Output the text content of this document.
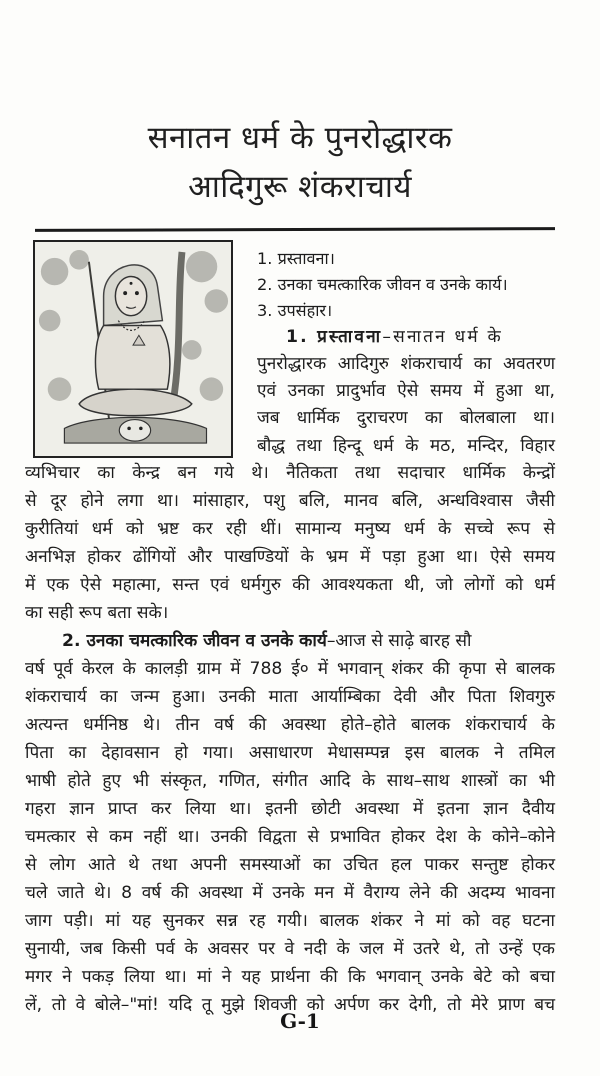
सनातन धर्म के पुनरोद्धारक
आदिगुरू शंकराचार्य
1. प्रस्तावना।
2. उनका चमत्कारिक जीवन व उनके कार्य।
3. उपसंहार।
1. प्रस्तावना–सनातन धर्म के
पुनरोद्धारक आदिगुरु शंकराचार्य का अवतरण
एवं उनका प्रादुर्भाव ऐसे समय में हुआ था,
जब धार्मिक दुराचरण का बोलबाला था।
बौद्ध तथा हिन्दू धर्म के मठ, मन्दिर, विहार
व्यभिचार का केन्द्र बन गये थे। नैतिकता तथा सदाचार धार्मिक केन्द्रों
से दूर होने लगा था। मांसाहार, पशु बलि, मानव बलि, अन्धविश्वास जैसी
कुरीतियां धर्म को भ्रष्ट कर रही थीं। सामान्य मनुष्य धर्म के सच्चे रूप से
अनभिज्ञ होकर ढोंगियों और पाखण्डियों के भ्रम में पड़ा हुआ था। ऐसे समय
में एक ऐसे महात्मा, सन्त एवं धर्मगुरु की आवश्यकता थी, जो लोगों को धर्म
का सही रूप बता सके।
2. उनका चमत्कारिक जीवन व उनके कार्य–आज से साढ़े बारह सौ
वर्ष पूर्व केरल के कालड़ी ग्राम में 788 ई० में भगवान् शंकर की कृपा से बालक
शंकराचार्य का जन्म हुआ। उनकी माता आर्याम्बिका देवी और पिता शिवगुरु
अत्यन्त धर्मनिष्ठ थे। तीन वर्ष की अवस्था होते–होते बालक शंकराचार्य के
पिता का देहावसान हो गया। असाधारण मेधासम्पन्न इस बालक ने तमिल
भाषी होते हुए भी संस्कृत, गणित, संगीत आदि के साथ–साथ शास्त्रों का भी
गहरा ज्ञान प्राप्त कर लिया था। इतनी छोटी अवस्था में इतना ज्ञान दैवीय
चमत्कार से कम नहीं था। उनकी विद्वता से प्रभावित होकर देश के कोने–कोने
से लोग आते थे तथा अपनी समस्याओं का उचित हल पाकर सन्तुष्ट होकर
चले जाते थे। 8 वर्ष की अवस्था में उनके मन में वैराग्य लेने की अदम्य भावना
जाग पड़ी। मां यह सुनकर सन्न रह गयी। बालक शंकर ने मां को वह घटना
सुनायी, जब किसी पर्व के अवसर पर वे नदी के जल में उतरे थे, तो उन्हें एक
मगर ने पकड़ लिया था। मां ने यह प्रार्थना की कि भगवान् उनके बेटे को बचा
लें, तो वे बोले–"मां! यदि तू मुझे शिवजी को अर्पण कर देगी, तो मेरे प्राण बच
G-1
